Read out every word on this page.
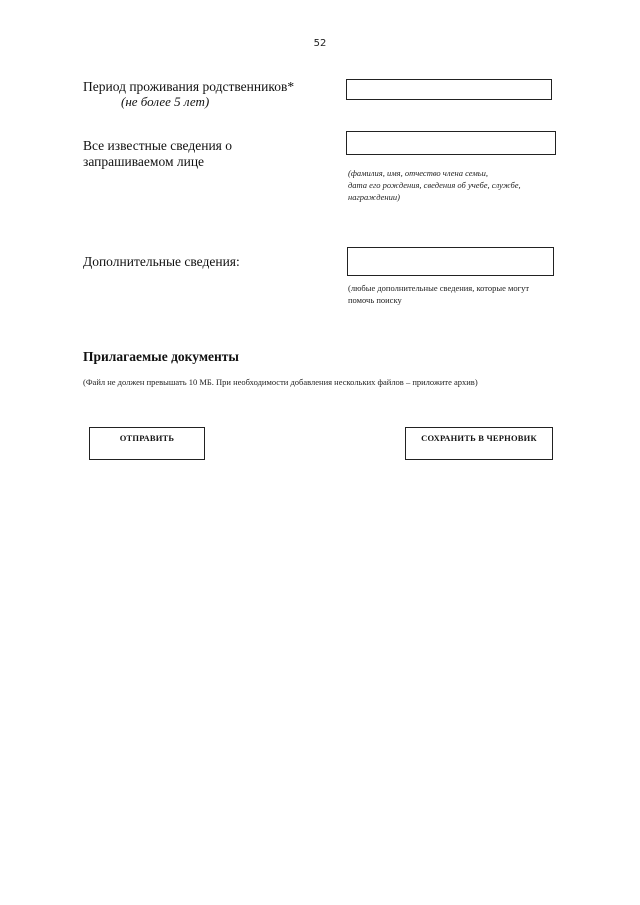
52
Период проживания родственников*
(не более 5 лет)
Все известные сведения о
запрашиваемом лице
(фамилия, имя, отчество члена семьи,
дата его рождения, сведения об учебе, службе,
награждении)
Дополнительные сведения:
(любые дополнительные сведения, которые могут
помочь поиску
Прилагаемые документы
(Файл не должен превышать 10 МБ. При необходимости добавления нескольких файлов – приложите архив)
ОТПРАВИТЬ	СОХРАНИТЬ В ЧЕРНОВИК
